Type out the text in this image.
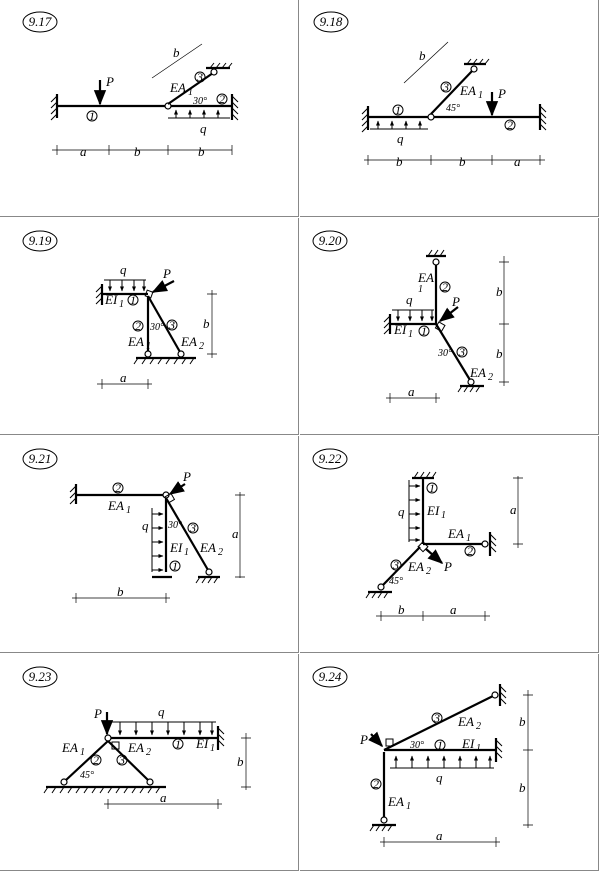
9.17
q
P
1
2
3
EA 1
30°
b
a	b	b
9.18
q
P
1
2
3 EA 1
45°
b
b	b	a
9.19
q	P
EI 1 1
2 3
30°
EA 1 EA 2
b
a
9.20
q	P
EA
1 2
EI 1 1
3
30°
EA 2
b
b
a
9.21
q
P
2
EA 1
30° 3
EI 1 EA 2
1
a
b
9.22
q
P
1
EI 1
EA 1
2
3 EA 2
45°
a
b	a
9.23
q
P
EA 1	EA 2
2 3
1 EI 1
45°
b
a
9.24
q
P
3 EA 2
30° 1 EI 1
2
EA 1
b
b
a
